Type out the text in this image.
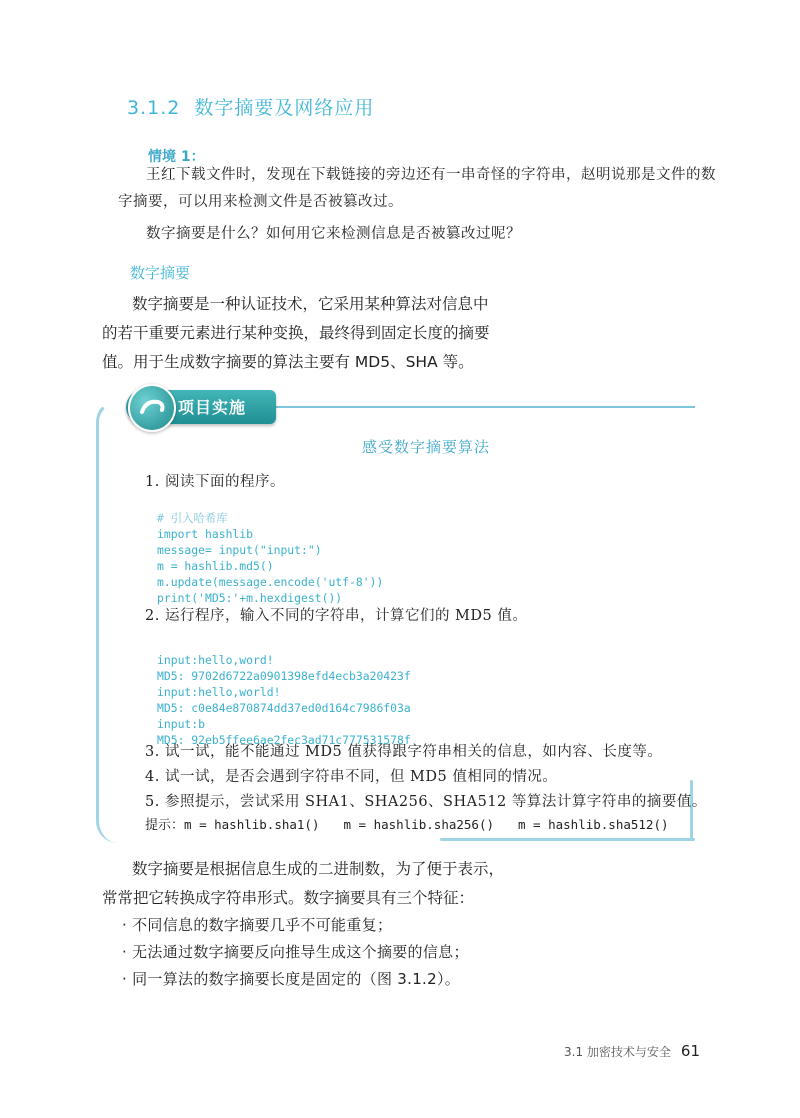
3.1.2 数字摘要及网络应用
情境 1：
王红下载文件时，发现在下载链接的旁边还有一串奇怪的字符串，赵明说那是文件的数字摘要，可以用来检测文件是否被篡改过。
数字摘要是什么？如何用它来检测信息是否被篡改过呢？
数字摘要
数字摘要是一种认证技术，它采用某种算法对信息中的若干重要元素进行某种变换，最终得到固定长度的摘要值。用于生成数字摘要的算法主要有 MD5、SHA 等。
项目实施
感受数字摘要算法
1. 阅读下面的程序。

# 引入哈希库
import hashlib
message= input("input:")
m = hashlib.md5()
m.update(message.encode('utf-8'))
print('MD5:'+m.hexdigest())
2. 运行程序，输入不同的字符串，计算它们的 MD5 值。

input:hello,word!
MD5: 9702d6722a0901398efd4ecb3a20423f
input:hello,world!
MD5: c0e84e870874dd37ed0d164c7986f03a
input:b
MD5: 92eb5ffee6ae2fec3ad71c777531578f
3. 试一试，能不能通过 MD5 值获得跟字符串相关的信息，如内容、长度等。
4. 试一试，是否会遇到字符串不同，但 MD5 值相同的情况。
5. 参照提示，尝试采用 SHA1、SHA256、SHA512 等算法计算字符串的摘要值。
提示：m = hashlib.sha1() m = hashlib.sha256() m = hashlib.sha512()
数字摘要是根据信息生成的二进制数，为了便于表示，常常把它转换成字符串形式。数字摘要具有三个特征：
· 不同信息的数字摘要几乎不可能重复；
· 无法通过数字摘要反向推导生成这个摘要的信息；
· 同一算法的数字摘要长度是固定的（图 3.1.2）。
3.1 加密技术与安全 61
